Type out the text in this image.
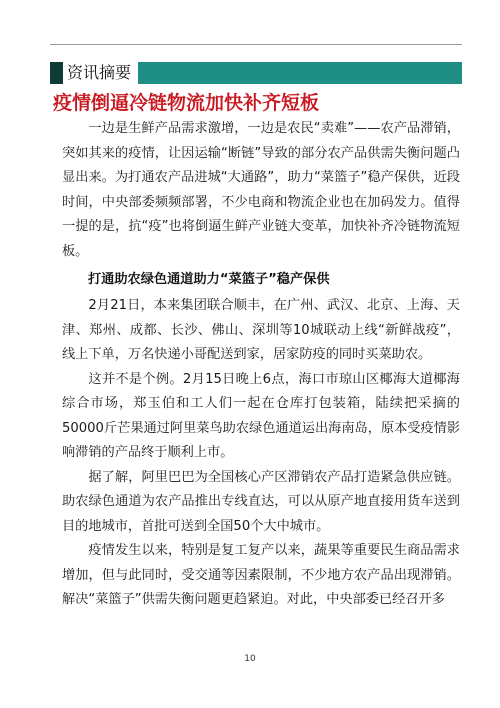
资讯摘要
疫情倒逼冷链物流加快补齐短板

一边是生鲜产品需求激增，一边是农民“卖难”——农产品滞销，突如其来的疫情，让因运输“断链”导致的部分农产品供需失衡问题凸显出来。为打通农产品进城“大通路”，助力“菜篮子”稳产保供，近段时间，中央部委频频部署，不少电商和物流企业也在加码发力。值得一提的是，抗“疫”也将倒逼生鲜产业链大变革，加快补齐冷链物流短板。

打通助农绿色通道助力“菜篮子”稳产保供

2月21日，本来集团联合顺丰，在广州、武汉、北京、上海、天津、郑州、成都、长沙、佛山、深圳等10城联动上线“新鲜战疫”，线上下单，万名快递小哥配送到家，居家防疫的同时买菜助农。

这并不是个例。2月15日晚上6点，海口市琼山区椰海大道椰海综合市场，郑玉伯和工人们一起在仓库打包装箱，陆续把采摘的50000斤芒果通过阿里菜鸟助农绿色通道运出海南岛，原本受疫情影响滞销的产品终于顺利上市。

据了解，阿里巴巴为全国核心产区滞销农产品打造紧急供应链。助农绿色通道为农产品推出专线直达，可以从原产地直接用货车送到目的地城市，首批可送到全国50个大中城市。

疫情发生以来，特别是复工复产以来，蔬果等重要民生商品需求增加，但与此同时，受交通等因素限制，不少地方农产品出现滞销。解决“菜篮子”供需失衡问题更趋紧迫。对此，中央部委已经召开多

10
